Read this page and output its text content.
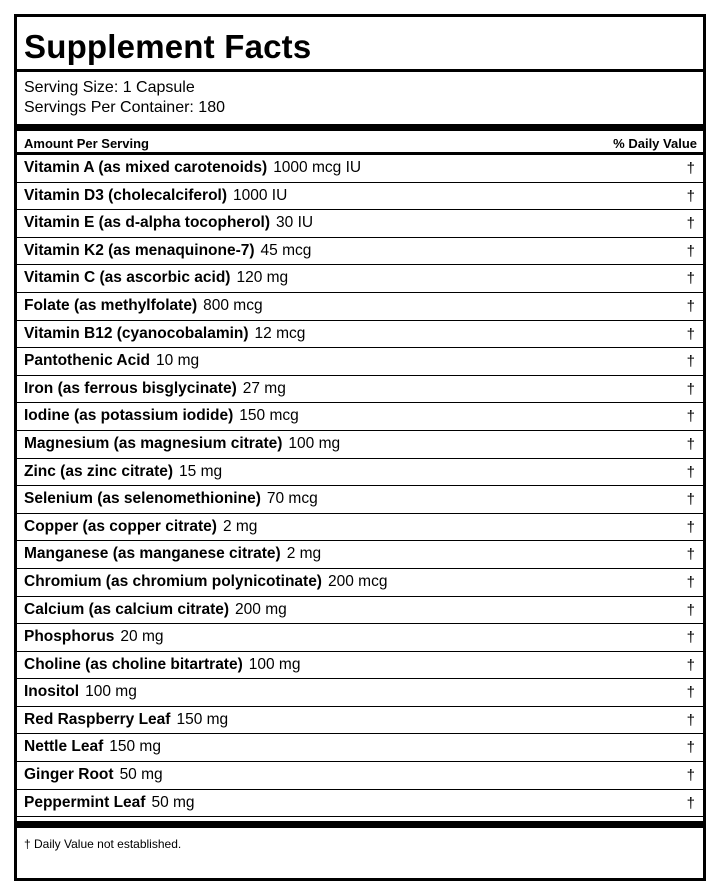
Supplement Facts
Serving Size: 1 Capsule
Servings Per Container: 180
Amount Per Serving	% Daily Value
Vitamin A (as mixed carotenoids) 1000 mcg IU	†
Vitamin D3 (cholecalciferol) 1000 IU	†
Vitamin E (as d-alpha tocopherol) 30 IU	†
Vitamin K2 (as menaquinone-7) 45 mcg	†
Vitamin C (as ascorbic acid) 120 mg	†
Folate (as methylfolate) 800 mcg	†
Vitamin B12 (cyanocobalamin) 12 mcg	†
Pantothenic Acid 10 mg	†
Iron (as ferrous bisglycinate) 27 mg	†
Iodine (as potassium iodide) 150 mcg	†
Magnesium (as magnesium citrate) 100 mg	†
Zinc (as zinc citrate) 15 mg	†
Selenium (as selenomethionine) 70 mcg	†
Copper (as copper citrate) 2 mg	†
Manganese (as manganese citrate) 2 mg	†
Chromium (as chromium polynicotinate) 200 mcg	†
Calcium (as calcium citrate) 200 mg	†
Phosphorus 20 mg	†
Choline (as choline bitartrate) 100 mg	†
Inositol 100 mg	†
Red Raspberry Leaf 150 mg	†
Nettle Leaf 150 mg	†
Ginger Root 50 mg	†
Peppermint Leaf 50 mg	†
† Daily Value not established.
